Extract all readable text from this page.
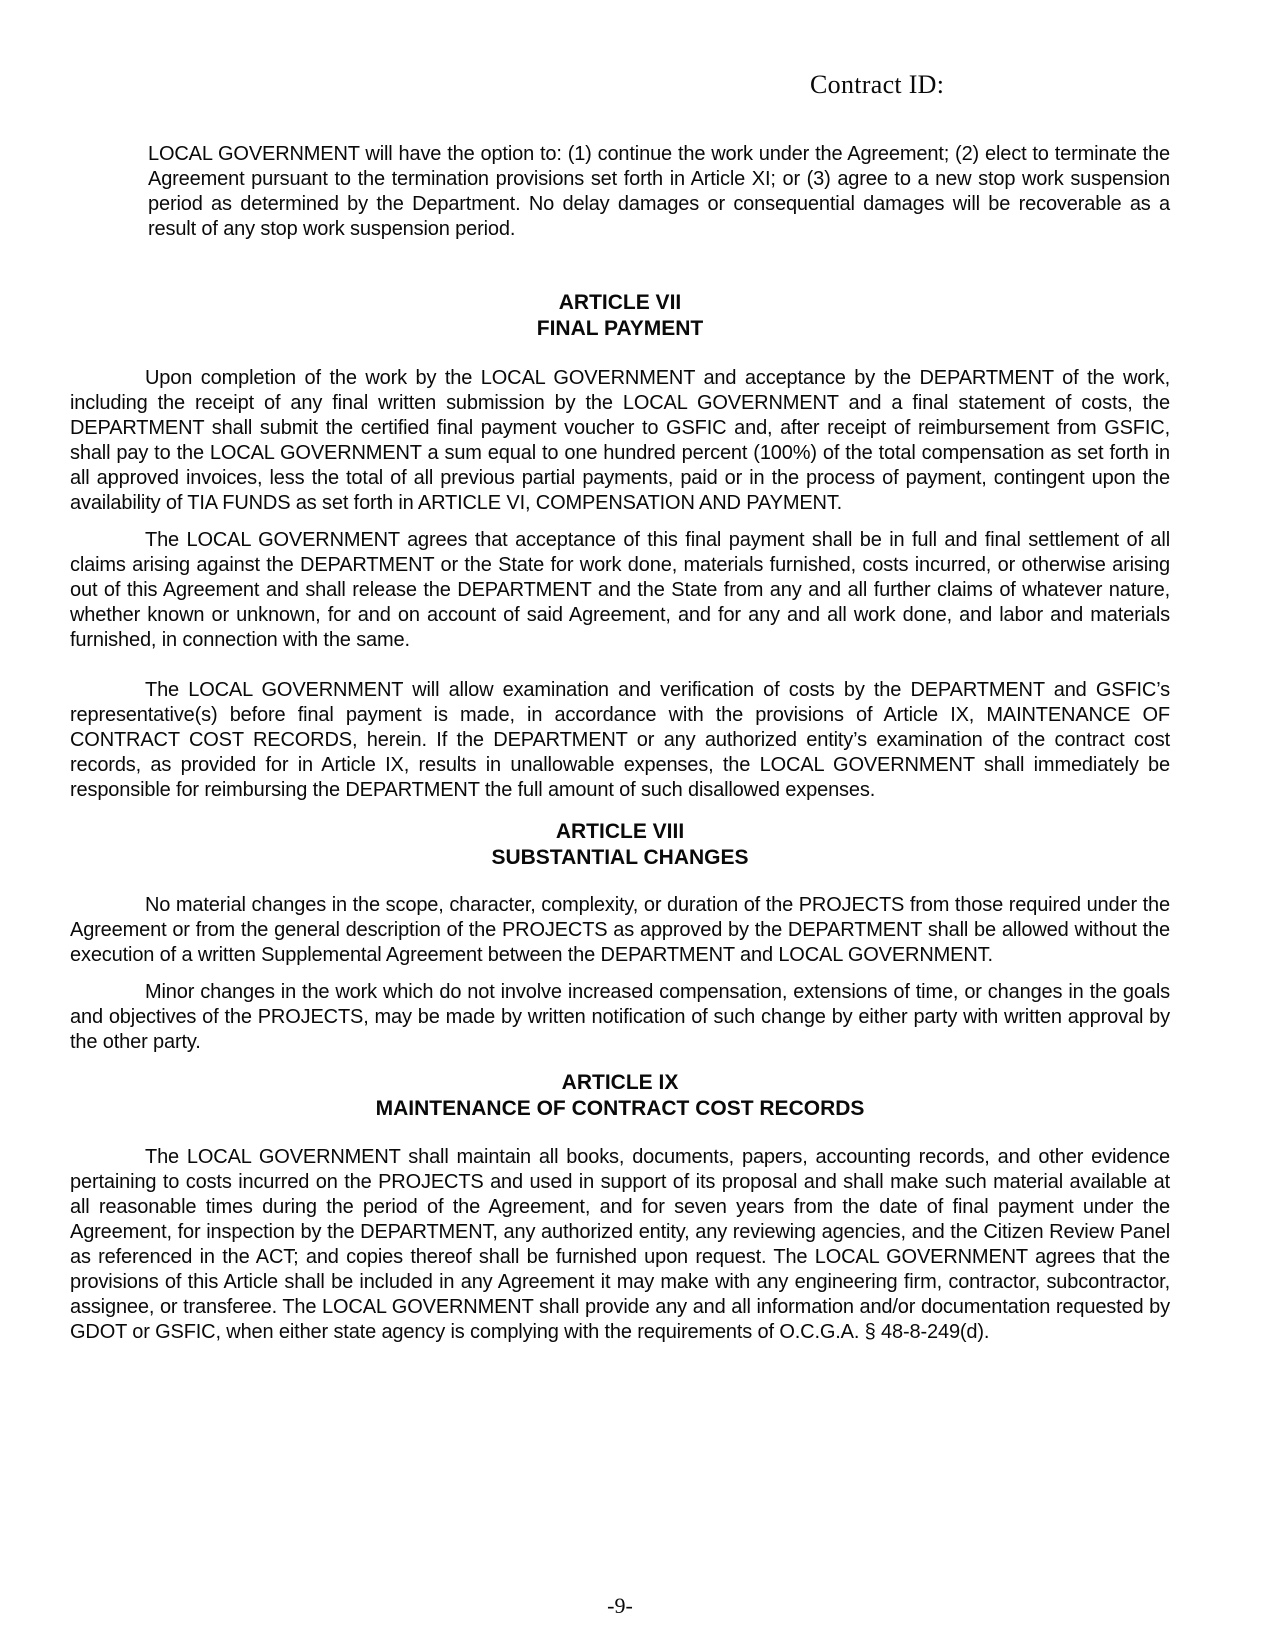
Contract ID:

LOCAL GOVERNMENT will have the option to: (1) continue the work under the Agreement; (2) elect to terminate the Agreement pursuant to the termination provisions set forth in Article XI; or (3) agree to a new stop work suspension period as determined by the Department. No delay damages or consequential damages will be recoverable as a result of any stop work suspension period.

ARTICLE VII
FINAL PAYMENT

Upon completion of the work by the LOCAL GOVERNMENT and acceptance by the DEPARTMENT of the work, including the receipt of any final written submission by the LOCAL GOVERNMENT and a final statement of costs, the DEPARTMENT shall submit the certified final payment voucher to GSFIC and, after receipt of reimbursement from GSFIC, shall pay to the LOCAL GOVERNMENT a sum equal to one hundred percent (100%) of the total compensation as set forth in all approved invoices, less the total of all previous partial payments, paid or in the process of payment, contingent upon the availability of TIA FUNDS as set forth in ARTICLE VI, COMPENSATION AND PAYMENT.

The LOCAL GOVERNMENT agrees that acceptance of this final payment shall be in full and final settlement of all claims arising against the DEPARTMENT or the State for work done, materials furnished, costs incurred, or otherwise arising out of this Agreement and shall release the DEPARTMENT and the State from any and all further claims of whatever nature, whether known or unknown, for and on account of said Agreement, and for any and all work done, and labor and materials furnished, in connection with the same.

The LOCAL GOVERNMENT will allow examination and verification of costs by the DEPARTMENT and GSFIC’s representative(s) before final payment is made, in accordance with the provisions of Article IX, MAINTENANCE OF CONTRACT COST RECORDS, herein. If the DEPARTMENT or any authorized entity’s examination of the contract cost records, as provided for in Article IX, results in unallowable expenses, the LOCAL GOVERNMENT shall immediately be responsible for reimbursing the DEPARTMENT the full amount of such disallowed expenses.

ARTICLE VIII
SUBSTANTIAL CHANGES

No material changes in the scope, character, complexity, or duration of the PROJECTS from those required under the Agreement or from the general description of the PROJECTS as approved by the DEPARTMENT shall be allowed without the execution of a written Supplemental Agreement between the DEPARTMENT and LOCAL GOVERNMENT.

Minor changes in the work which do not involve increased compensation, extensions of time, or changes in the goals and objectives of the PROJECTS, may be made by written notification of such change by either party with written approval by the other party.

ARTICLE IX
MAINTENANCE OF CONTRACT COST RECORDS

The LOCAL GOVERNMENT shall maintain all books, documents, papers, accounting records, and other evidence pertaining to costs incurred on the PROJECTS and used in support of its proposal and shall make such material available at all reasonable times during the period of the Agreement, and for seven years from the date of final payment under the Agreement, for inspection by the DEPARTMENT, any authorized entity, any reviewing agencies, and the Citizen Review Panel as referenced in the ACT; and copies thereof shall be furnished upon request. The LOCAL GOVERNMENT agrees that the provisions of this Article shall be included in any Agreement it may make with any engineering firm, contractor, subcontractor, assignee, or transferee. The LOCAL GOVERNMENT shall provide any and all information and/or documentation requested by GDOT or GSFIC, when either state agency is complying with the requirements of O.C.G.A. § 48-8-249(d).

-9-
